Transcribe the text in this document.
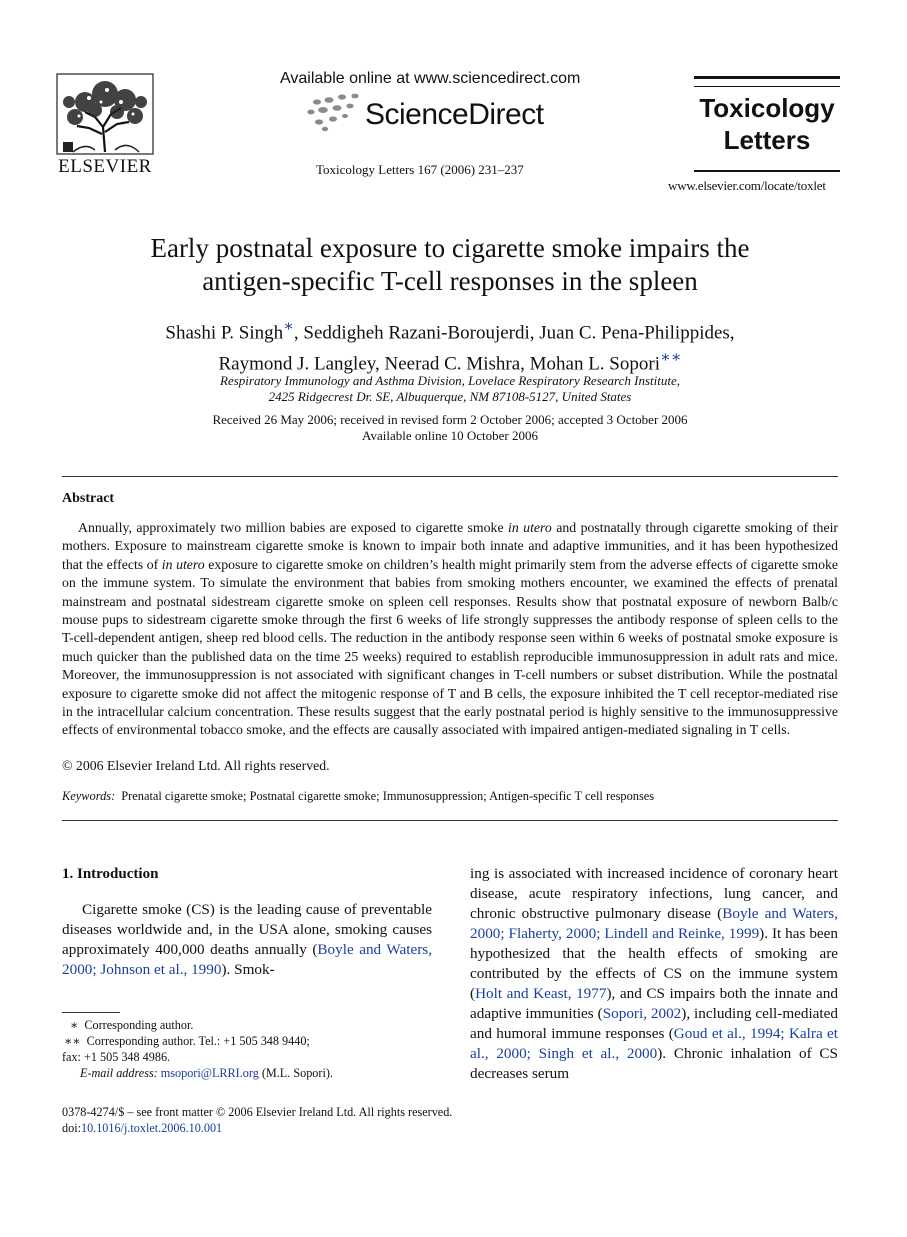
ELSEVIER
Available online at www.sciencedirect.com
ScienceDirect
Toxicology Letters 167 (2006) 231–237
Toxicology
Letters
www.elsevier.com/locate/toxlet
Early postnatal exposure to cigarette smoke impairs the
antigen-specific T-cell responses in the spleen
Shashi P. Singh∗, Seddigheh Razani-Boroujerdi, Juan C. Pena-Philippides,
Raymond J. Langley, Neerad C. Mishra, Mohan L. Sopori∗∗
Respiratory Immunology and Asthma Division, Lovelace Respiratory Research Institute,
2425 Ridgecrest Dr. SE, Albuquerque, NM 87108-5127, United States
Received 26 May 2006; received in revised form 2 October 2006; accepted 3 October 2006
Available online 10 October 2006
Abstract
Annually, approximately two million babies are exposed to cigarette smoke in utero and postnatally through cigarette smoking of their mothers. Exposure to mainstream cigarette smoke is known to impair both innate and adaptive immunities, and it has been hypothesized that the effects of in utero exposure to cigarette smoke on children’s health might primarily stem from the adverse effects of cigarette smoke on the immune system. To simulate the environment that babies from smoking mothers encounter, we examined the effects of prenatal mainstream and postnatal sidestream cigarette smoke on spleen cell responses. Results show that postnatal exposure of newborn Balb/c mouse pups to sidestream cigarette smoke through the first 6 weeks of life strongly suppresses the antibody response of spleen cells to the T-cell-dependent antigen, sheep red blood cells. The reduction in the antibody response seen within 6 weeks of postnatal smoke exposure is much quicker than the published data on the time 25 weeks) required to establish reproducible immunosuppression in adult rats and mice. Moreover, the immunosuppression is not associated with significant changes in T-cell numbers or subset distribution. While the postnatal exposure to cigarette smoke did not affect the mitogenic response of T and B cells, the exposure inhibited the T cell receptor-mediated rise in the intracellular calcium concentration. These results suggest that the early postnatal period is highly sensitive to the immunosuppressive effects of environmental tobacco smoke, and the effects are causally associated with impaired antigen-mediated signaling in T cells.
© 2006 Elsevier Ireland Ltd. All rights reserved.
Keywords: Prenatal cigarette smoke; Postnatal cigarette smoke; Immunosuppression; Antigen-specific T cell responses
1. Introduction
Cigarette smoke (CS) is the leading cause of preventable diseases worldwide and, in the USA alone, smoking causes approximately 400,000 deaths annually (Boyle and Waters, 2000; Johnson et al., 1990). Smok-
ing is associated with increased incidence of coronary heart disease, acute respiratory infections, lung cancer, and chronic obstructive pulmonary disease (Boyle and Waters, 2000; Flaherty, 2000; Lindell and Reinke, 1999). It has been hypothesized that the health effects of smoking are contributed by the effects of CS on the immune system (Holt and Keast, 1977), and CS impairs both the innate and adaptive immunities (Sopori, 2002), including cell-mediated and humoral immune responses (Goud et al., 1994; Kalra et al., 2000; Singh et al., 2000). Chronic inhalation of CS decreases serum

∗ Corresponding author.

∗∗ Corresponding author. Tel.: +1 505 348 9440;

fax: +1 505 348 4986.

E-mail address: msopori@LRRI.org (M.L. Sopori).

0378-4274/$ – see front matter © 2006 Elsevier Ireland Ltd. All rights reserved.
doi:10.1016/j.toxlet.2006.10.001
